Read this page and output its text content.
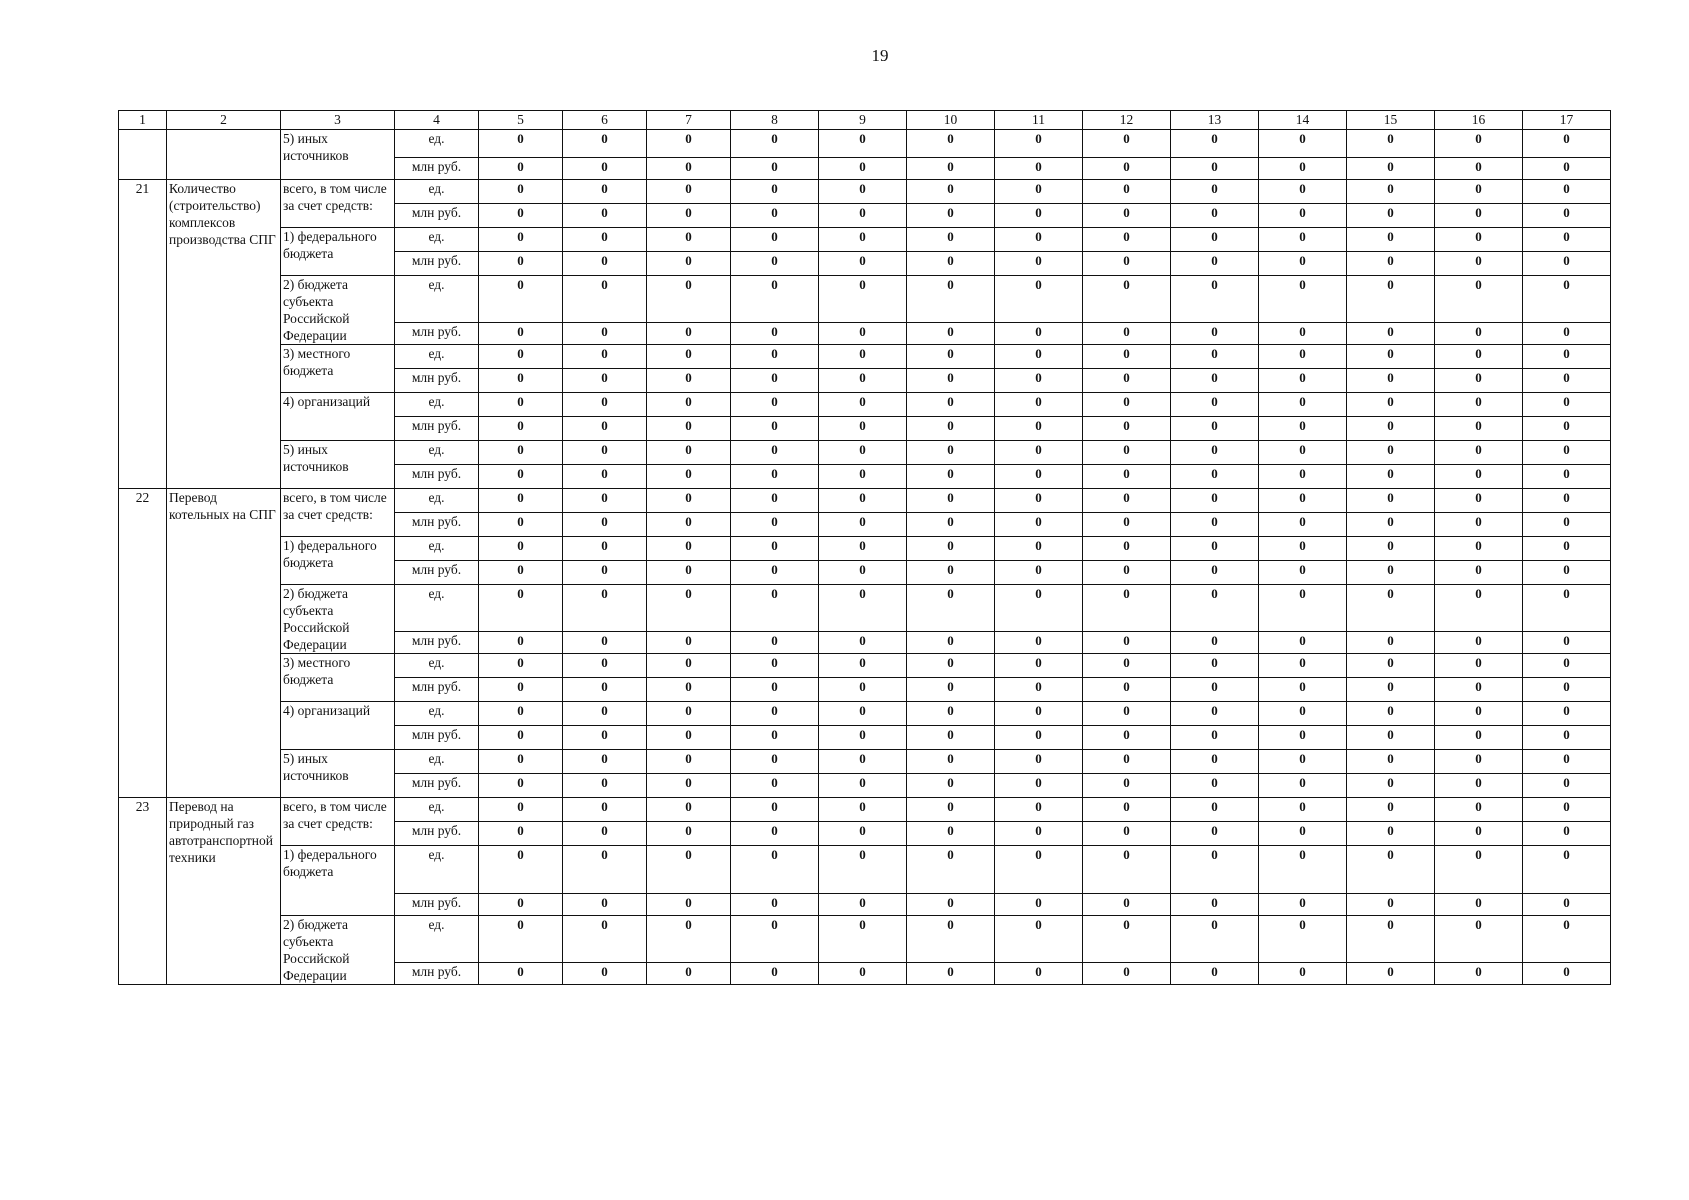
19
1	2	3	4	5	6	7	8	9	10	11	12	13	14	15	16	17
		5) иных источников	ед.	0	0	0	0	0	0	0	0	0	0	0	0	0
			млн руб.	0	0	0	0	0	0	0	0	0	0	0	0	0
21	Количество (строительство) комплексов производства СПГ	всего, в том числе за счет средств:	ед.	0	0	0	0	0	0	0	0	0	0	0	0	0
			млн руб.	0	0	0	0	0	0	0	0	0	0	0	0	0
		1) федерального бюджета	ед.	0	0	0	0	0	0	0	0	0	0	0	0	0
			млн руб.	0	0	0	0	0	0	0	0	0	0	0	0	0
		2) бюджета субъекта Российской Федерации	ед.	0	0	0	0	0	0	0	0	0	0	0	0	0
			млн руб.	0	0	0	0	0	0	0	0	0	0	0	0	0
		3) местного бюджета	ед.	0	0	0	0	0	0	0	0	0	0	0	0	0
			млн руб.	0	0	0	0	0	0	0	0	0	0	0	0	0
		4) организаций	ед.	0	0	0	0	0	0	0	0	0	0	0	0	0
			млн руб.	0	0	0	0	0	0	0	0	0	0	0	0	0
		5) иных источников	ед.	0	0	0	0	0	0	0	0	0	0	0	0	0
			млн руб.	0	0	0	0	0	0	0	0	0	0	0	0	0
22	Перевод котельных на СПГ	всего, в том числе за счет средств:	ед.	0	0	0	0	0	0	0	0	0	0	0	0	0
			млн руб.	0	0	0	0	0	0	0	0	0	0	0	0	0
		1) федерального бюджета	ед.	0	0	0	0	0	0	0	0	0	0	0	0	0
			млн руб.	0	0	0	0	0	0	0	0	0	0	0	0	0
		2) бюджета субъекта Российской Федерации	ед.	0	0	0	0	0	0	0	0	0	0	0	0	0
			млн руб.	0	0	0	0	0	0	0	0	0	0	0	0	0
		3) местного бюджета	ед.	0	0	0	0	0	0	0	0	0	0	0	0	0
			млн руб.	0	0	0	0	0	0	0	0	0	0	0	0	0
		4) организаций	ед.	0	0	0	0	0	0	0	0	0	0	0	0	0
			млн руб.	0	0	0	0	0	0	0	0	0	0	0	0	0
		5) иных источников	ед.	0	0	0	0	0	0	0	0	0	0	0	0	0
			млн руб.	0	0	0	0	0	0	0	0	0	0	0	0	0
23	Перевод на природный газ автотранспортной техники	всего, в том числе за счет средств:	ед.	0	0	0	0	0	0	0	0	0	0	0	0	0
			млн руб.	0	0	0	0	0	0	0	0	0	0	0	0	0
		1) федерального бюджета	ед.	0	0	0	0	0	0	0	0	0	0	0	0	0
			млн руб.	0	0	0	0	0	0	0	0	0	0	0	0	0
		2) бюджета субъекта Российской Федерации	ед.	0	0	0	0	0	0	0	0	0	0	0	0	0
			млн руб.	0	0	0	0	0	0	0	0	0	0	0	0	0
